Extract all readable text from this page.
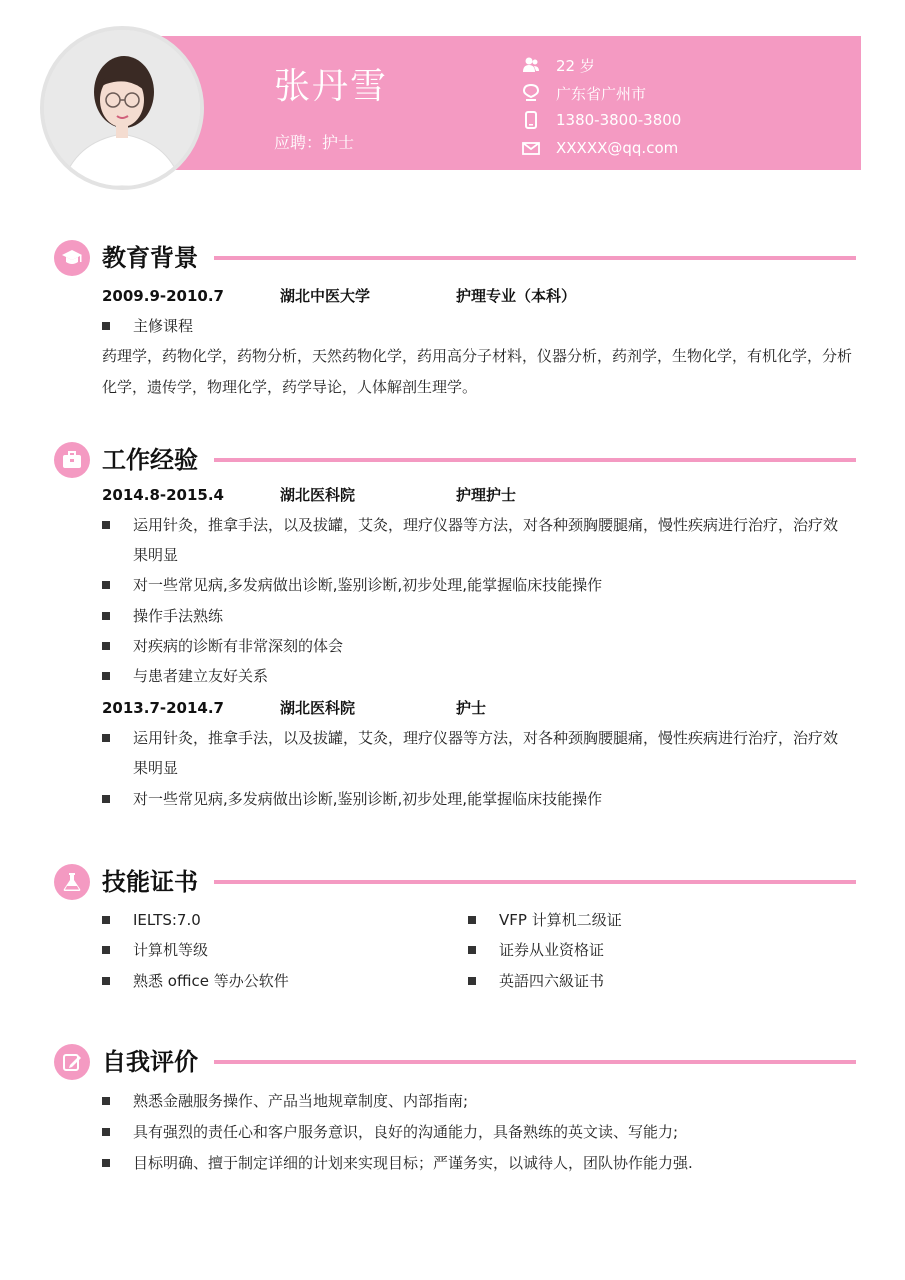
张丹雪
应聘：护士
22 岁
广东省广州市
1380-3800-3800
XXXXX@qq.com
教育背景
2009.9-2010.7	湖北中医大学	护理专业（本科）
主修课程
药理学，药物化学，药物分析，天然药物化学，药用高分子材料，仪器分析，药剂学，生物化学，有机化学，分析化学，遗传学，物理化学，药学导论，人体解剖生理学。
工作经验
2014.8-2015.4	湖北医科院	护理护士
运用针灸，推拿手法，以及拔罐，艾灸，理疗仪器等方法，对各种颈胸腰腿痛，慢性疾病进行治疗，治疗效果明显
对一些常见病,多发病做出诊断,鉴别诊断,初步处理,能掌握临床技能操作
操作手法熟练
对疾病的诊断有非常深刻的体会
与患者建立友好关系
2013.7-2014.7	湖北医科院	护士
运用针灸，推拿手法，以及拔罐，艾灸，理疗仪器等方法，对各种颈胸腰腿痛，慢性疾病进行治疗，治疗效果明显
对一些常见病,多发病做出诊断,鉴别诊断,初步处理,能掌握临床技能操作
技能证书
IELTS:7.0
计算机等级
熟悉 office 等办公软件
VFP 计算机二级证
证券从业资格证
英語四六級证书
自我评价
熟悉金融服务操作、产品当地规章制度、内部指南;
具有强烈的责任心和客户服务意识，良好的沟通能力，具备熟练的英文读、写能力;
目标明确、擅于制定详细的计划来实现目标；严谨务实，以诚待人，团队协作能力强.
